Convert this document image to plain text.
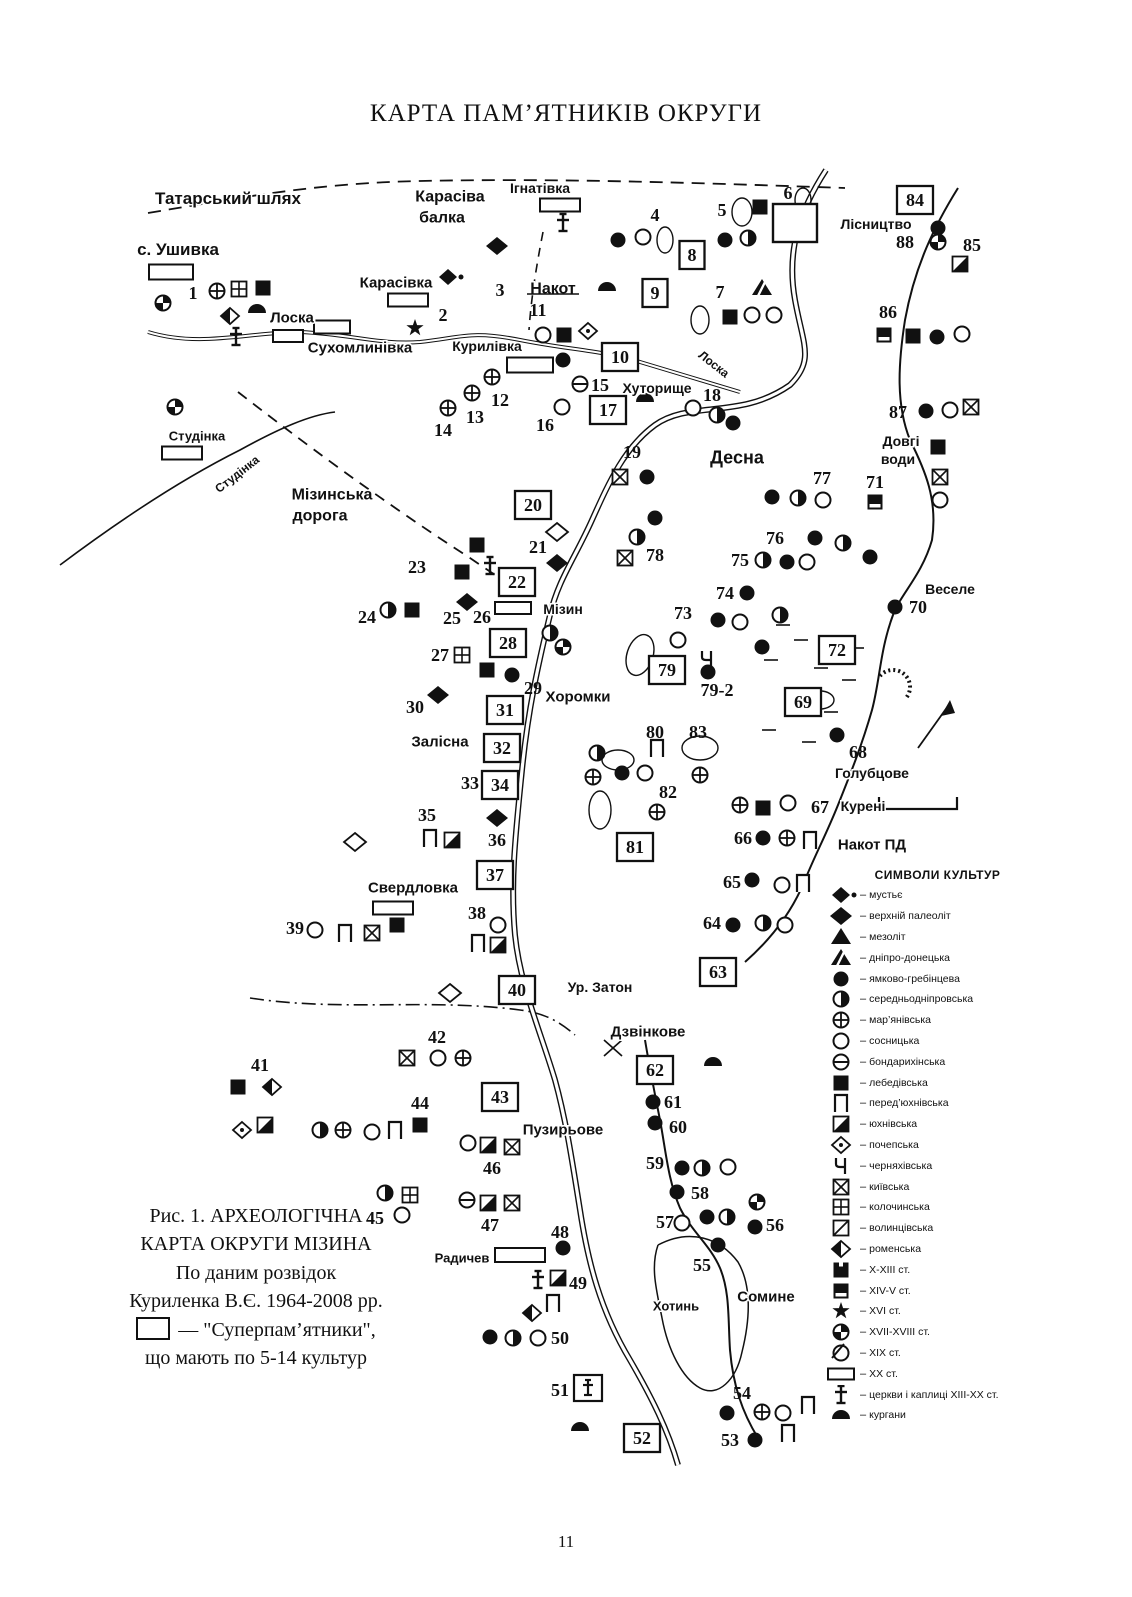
КАРТА ПАМ’ЯТНИКІВ ОКРУГИ
1
2
3
4	5
6
7
8
9
10
11
12
13
14
15
16
17
18
19
20
21
22
23
24	25 26
27
28
29
30	31
32
33 34
35
36
37
38
39
40
41
42
43
44
45
46
47	48
49
50
51
52	53
54
55
56
57
58
59
60
61
62
63
64
65
66
67
68
69
70
71
72
73
74
75
76
77
78
79
79-2
80
81
82
83
84
85
86
87
88
Татарський шлях
с. Ушивка
Лоска
Сухомлинівка
Карасівка
Карасіва
балка
Ігнатівка
Накот
Курилівка
Хуторище
Лісництво
Студінка
Студінка
Лоска
Мізинська
дорога
Десна
Мізин
Хоромки
Залісна
Свердловка
Веселе
Довгі
води
Голубцове
Курені
Накот ПД
Ур. Затон
Дзвінкове
Пузирьове
Радичев
Хотинь
Сомине
СИМВОЛИ КУЛЬТУР
– мустьє
– верхній палеоліт
– мезоліт
– дніпро-донецька
– ямково-гребінцева
– середньодніпровська
– мар’янівська
– сосницька
– бондарихінська
– лебедівська
– перед’юхнівська
– юхнівська
– почепська
– черняхівська
– київська
– колочинська
– волинцівська
– роменська
– X-XIII ст.
– XIV-V ст.
– XVI ст.
– XVII-XVIII ст.
– XIX ст.
– XX ст.
– церкви і каплиці XIII-XX ст.
– кургани
Рис. 1. АРХЕОЛОГІЧНА
КАРТА ОКРУГИ МІЗИНА
По даним розвідок
Куриленка В.Є. 1964-2008 рр.
— "Суперпам’ятники",
що мають по 5-14 культур
11
